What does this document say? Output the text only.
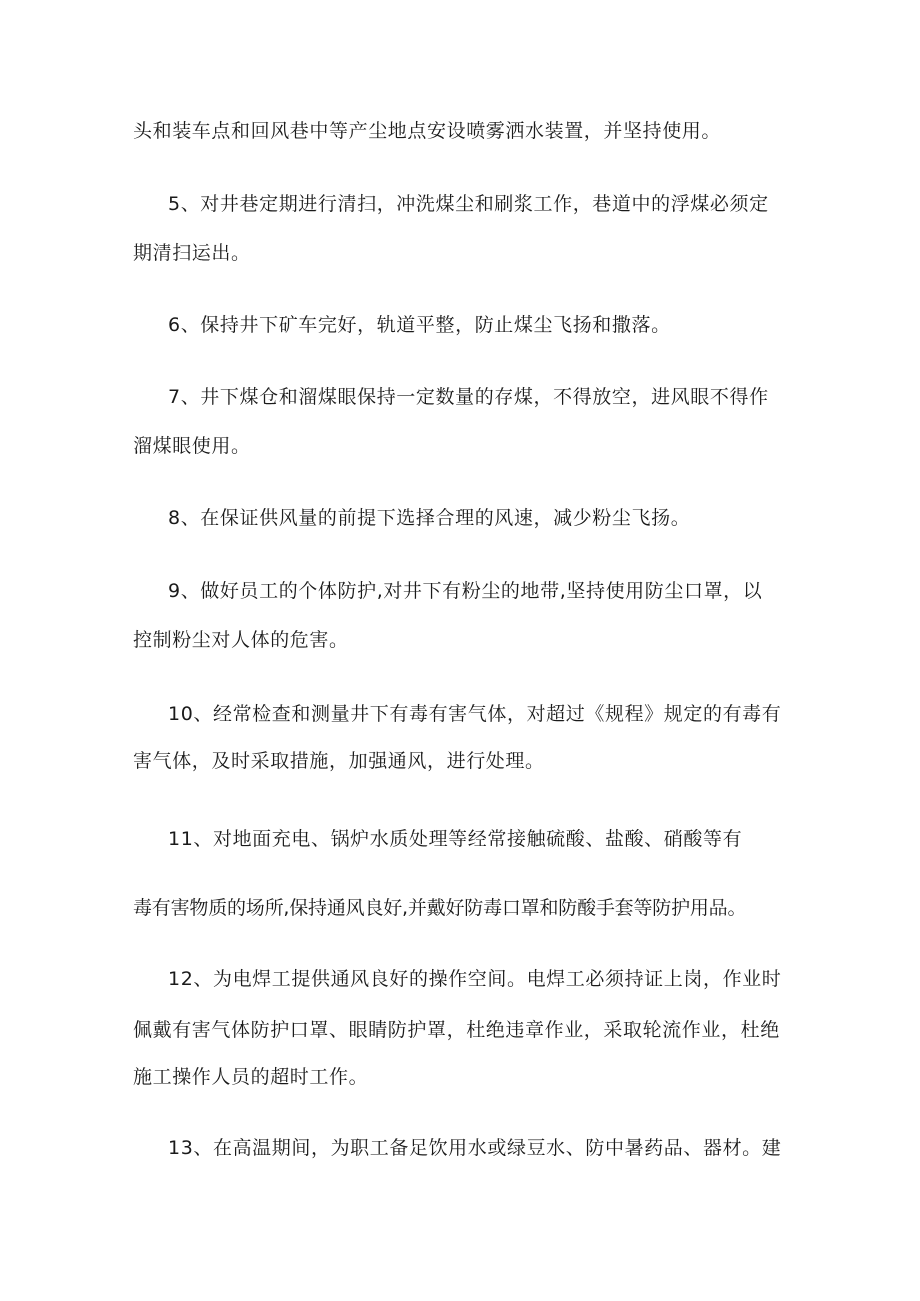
头和装车点和回风巷中等产尘地点安设喷雾洒水装置，并坚持使用。
5、对井巷定期进行清扫，冲洗煤尘和刷浆工作，巷道中的浮煤必须定
期清扫运出。
6、保持井下矿车完好，轨道平整，防止煤尘飞扬和撒落。
7、井下煤仓和溜煤眼保持一定数量的存煤，不得放空，进风眼不得作
溜煤眼使用。
8、在保证供风量的前提下选择合理的风速，减少粉尘飞扬。
9、做好员工的个体防护,对井下有粉尘的地带,坚持使用防尘口罩，以
控制粉尘对人体的危害。
10、经常检查和测量井下有毒有害气体，对超过《规程》规定的有毒有
害气体，及时采取措施，加强通风，进行处理。
11、对地面充电、锅炉水质处理等经常接触硫酸、盐酸、硝酸等有
毒有害物质的场所,保持通风良好,并戴好防毒口罩和防酸手套等防护用品。
12、为电焊工提供通风良好的操作空间。电焊工必须持证上岗，作业时
佩戴有害气体防护口罩、眼睛防护罩，杜绝违章作业，采取轮流作业，杜绝
施工操作人员的超时工作。
13、在高温期间，为职工备足饮用水或绿豆水、防中暑药品、器材。建
